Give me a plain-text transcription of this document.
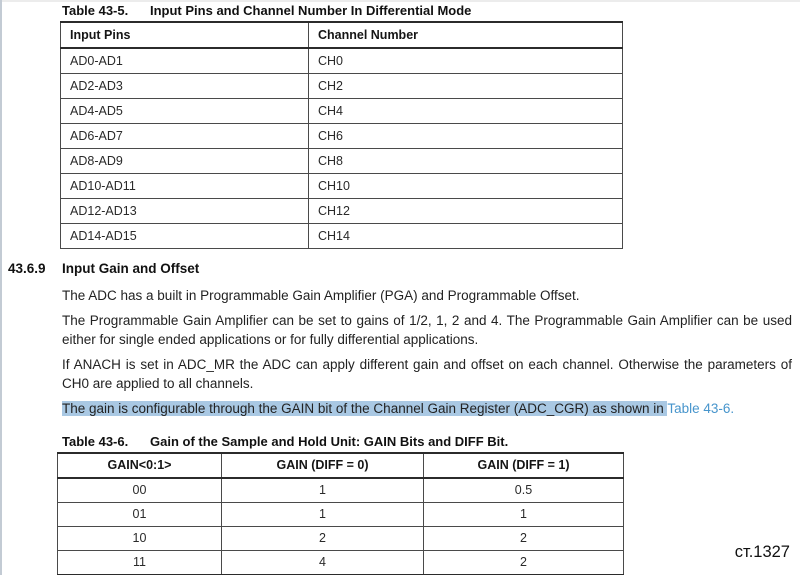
Table 43-5.	Input Pins and Channel Number In Differential Mode
Input Pins	Channel Number
AD0-AD1	CH0
AD2-AD3	CH2
AD4-AD5	CH4
AD6-AD7	CH6
AD8-AD9	CH8
AD10-AD11	CH10
AD12-AD13	CH12
AD14-AD15	CH14
43.6.9	Input Gain and Offset

The ADC has a built in Programmable Gain Amplifier (PGA) and Programmable Offset.

The Programmable Gain Amplifier can be set to gains of 1/2, 1, 2 and 4. The Programmable Gain Amplifier can be used either for single ended applications or for fully differential applications.

If ANACH is set in ADC_MR the ADC can apply different gain and offset on each channel. Otherwise the parameters of CH0 are applied to all channels.

The gain is configurable through the GAIN bit of the Channel Gain Register (ADC_CGR) as shown in Table 43-6.

Table 43-6.	Gain of the Sample and Hold Unit: GAIN Bits and DIFF Bit.
GAIN<0:1>	GAIN (DIFF = 0)	GAIN (DIFF = 1)
00	1	0.5
01	1	1
10	2	2
11	4	2
ст.1327
